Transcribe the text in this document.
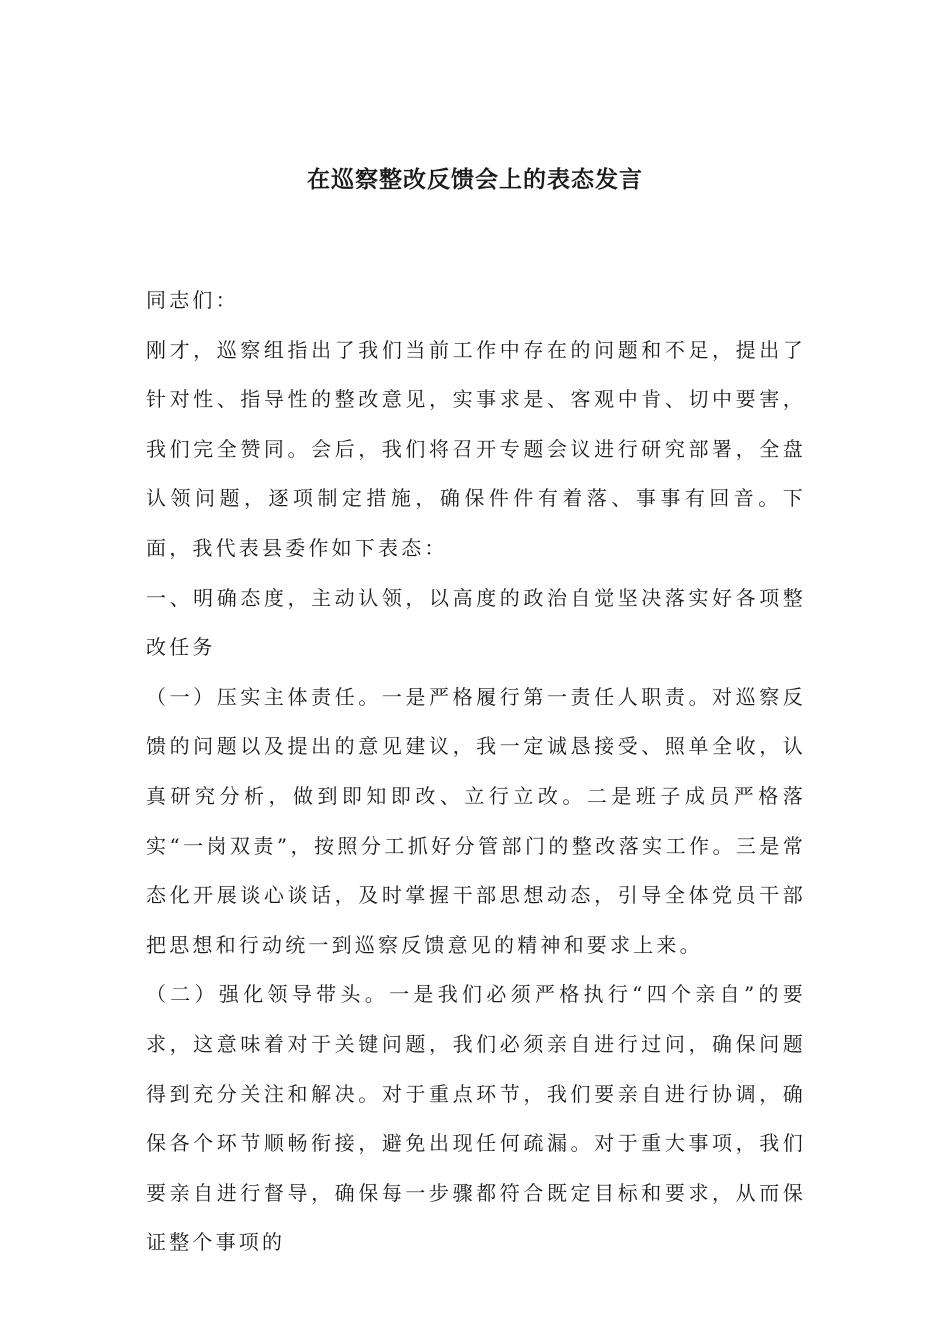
在巡察整改反馈会上的表态发言

同志们：

刚才，巡察组指出了我们当前工作中存在的问题和不足，提出了针对性、指导性的整改意见，实事求是、客观中肯、切中要害，我们完全赞同。会后，我们将召开专题会议进行研究部署，全盘认领问题，逐项制定措施，确保件件有着落、事事有回音。下面，我代表县委作如下表态：

一、明确态度，主动认领，以高度的政治自觉坚决落实好各项整改任务

（一）压实主体责任。一是严格履行第一责任人职责。对巡察反馈的问题以及提出的意见建议，我一定诚恳接受、照单全收，认真研究分析，做到即知即改、立行立改。二是班子成员严格落实“一岗双责”，按照分工抓好分管部门的整改落实工作。三是常态化开展谈心谈话，及时掌握干部思想动态，引导全体党员干部把思想和行动统一到巡察反馈意见的精神和要求上来。

（二）强化领导带头。一是我们必须严格执行“四个亲自”的要求，这意味着对于关键问题，我们必须亲自进行过问，确保问题得到充分关注和解决。对于重点环节，我们要亲自进行协调，确保各个环节顺畅衔接，避免出现任何疏漏。对于重大事项，我们要亲自进行督导，确保每一步骤都符合既定目标和要求，从而保证整个事项的
